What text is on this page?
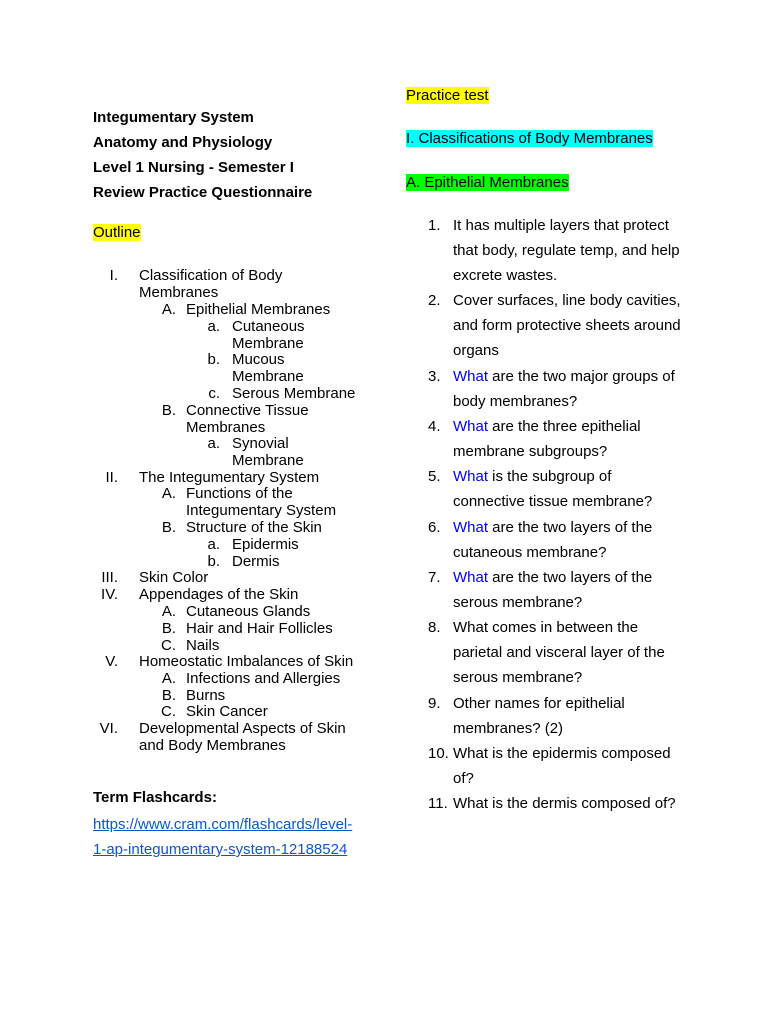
Integumentary System
Anatomy and Physiology
Level 1 Nursing - Semester I
Review Practice Questionnaire
Outline
I. Classification of Body Membranes
A. Epithelial Membranes
a. Cutaneous Membrane
b. Mucous Membrane
c. Serous Membrane
B. Connective Tissue Membranes
a. Synovial Membrane
II. The Integumentary System
A. Functions of the Integumentary System
B. Structure of the Skin
a. Epidermis
b. Dermis
III. Skin Color
IV. Appendages of the Skin
A. Cutaneous Glands
B. Hair and Hair Follicles
C. Nails
V. Homeostatic Imbalances of Skin
A. Infections and Allergies
B. Burns
C. Skin Cancer
VI. Developmental Aspects of Skin and Body Membranes
Term Flashcards:
https://www.cram.com/flashcards/level-
1-ap-integumentary-system-12188524
Practice test
I. Classifications of Body Membranes
A. Epithelial Membranes
1. It has multiple layers that protect that body, regulate temp, and help excrete wastes.
2. Cover surfaces, line body cavities, and form protective sheets around organs
3. What are the two major groups of body membranes?
4. What are the three epithelial membrane subgroups?
5. What is the subgroup of connective tissue membrane?
6. What are the two layers of the cutaneous membrane?
7. What are the two layers of the serous membrane?
8. What comes in between the parietal and visceral layer of the serous membrane?
9. Other names for epithelial membranes? (2)
10. What is the epidermis composed of?
11. What is the dermis composed of?
